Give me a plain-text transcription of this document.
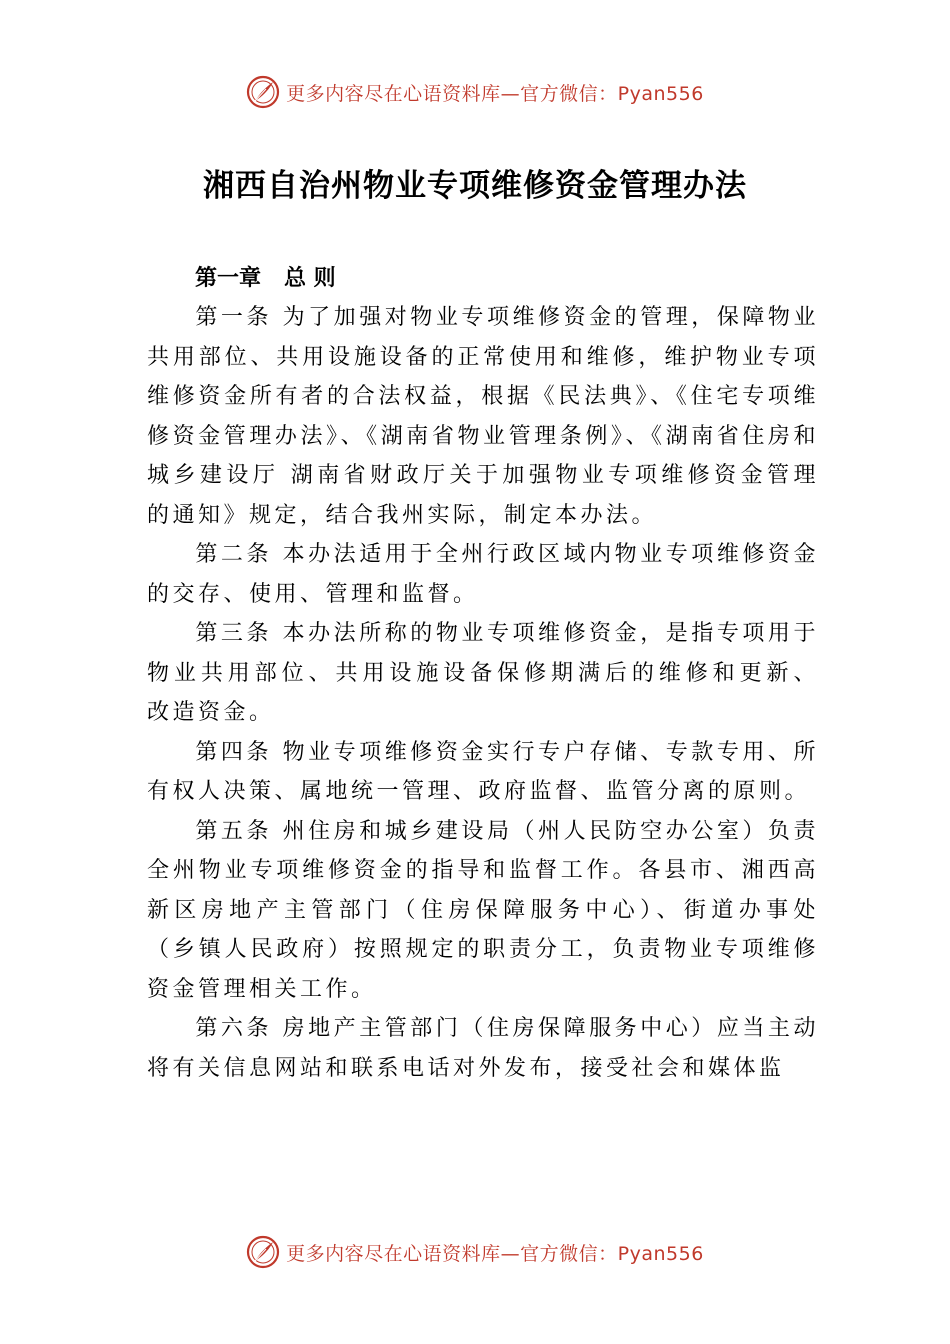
更多内容尽在心语资料库—官方微信：Pyan556
湘西自治州物业专项维修资金管理办法

第一章   总 则

第一条 为了加强对物业专项维修资金的管理，保障物业共用部位、共用设施设备的正常使用和维修，维护物业专项维修资金所有者的合法权益，根据《民法典》、《住宅专项维修资金管理办法》、《湖南省物业管理条例》、《湖南省住房和城乡建设厅 湖南省财政厅关于加强物业专项维修资金管理的通知》规定，结合我州实际，制定本办法。

第二条 本办法适用于全州行政区域内物业专项维修资金的交存、使用、管理和监督。

第三条 本办法所称的物业专项维修资金，是指专项用于物业共用部位、共用设施设备保修期满后的维修和更新、 改造资金。

第四条 物业专项维修资金实行专户存储、专款专用、所有权人决策、属地统一管理、政府监督、监管分离的原则。

第五条 州住房和城乡建设局（州人民防空办公室）负责全州物业专项维修资金的指导和监督工作。各县市、湘西高新区房地产主管部门（住房保障服务中心）、街道办事处（乡镇人民政府）按照规定的职责分工，负责物业专项维修资金管理相关工作。

第六条 房地产主管部门（住房保障服务中心）应当主动将有关信息网站和联系电话对外发布，接受社会和媒体监

更多内容尽在心语资料库—官方微信：Pyan556
